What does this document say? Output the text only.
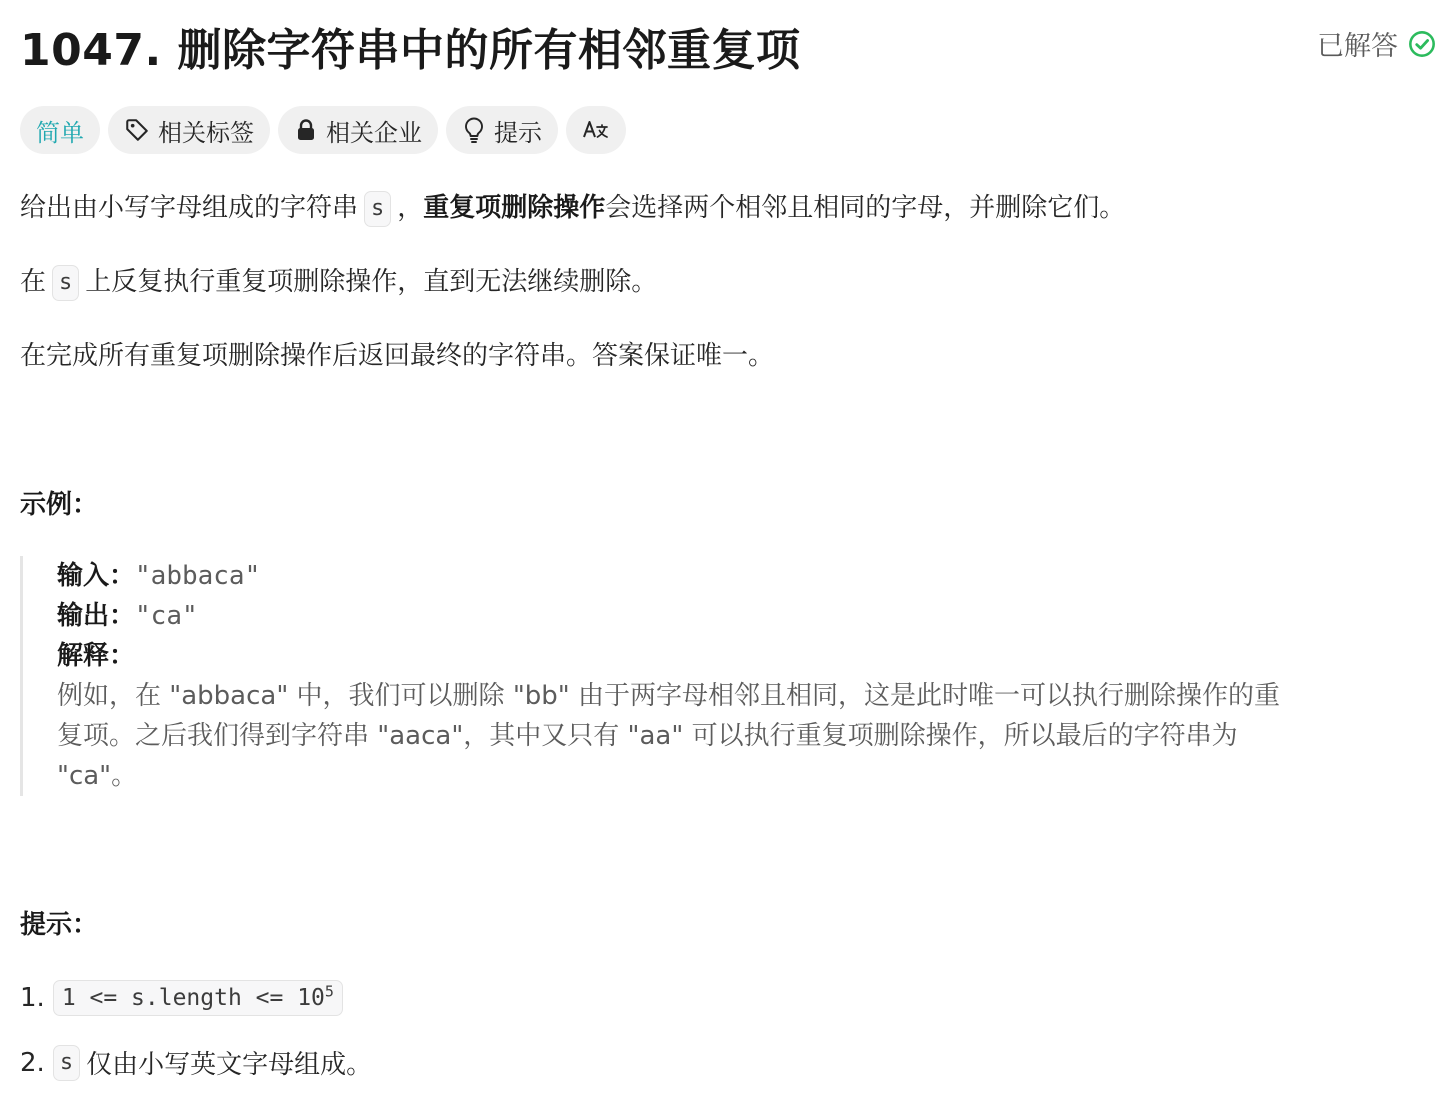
1047. 删除字符串中的所有相邻重复项	已解答
简单	相关标签	相关企业	提示
给出由小写字母组成的字符串 s ，重复项删除操作会选择两个相邻且相同的字母，并删除它们。
在 s 上反复执行重复项删除操作，直到无法继续删除。
在完成所有重复项删除操作后返回最终的字符串。答案保证唯一。
示例：
输入："abbaca"
输出："ca"
解释：
例如，在 "abbaca" 中，我们可以删除 "bb" 由于两字母相邻且相同，这是此时唯一可以执行删除操作的重
复项。之后我们得到字符串 "aaca"，其中又只有 "aa" 可以执行重复项删除操作，所以最后的字符串为
"ca"。
提示：
1. 1 <= s.length <= $10^5$
2. s 仅由小写英文字母组成。
